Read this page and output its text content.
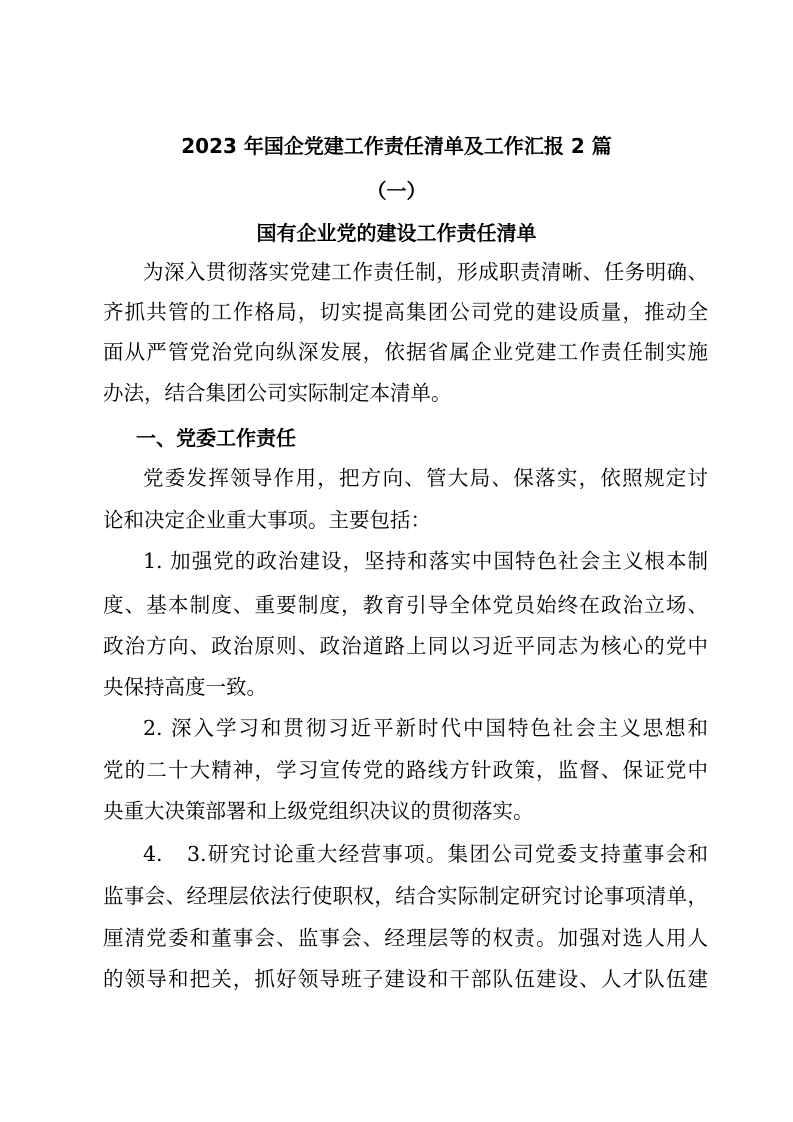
2023 年国企党建工作责任清单及工作汇报 2 篇
（一）
国有企业党的建设工作责任清单
为深入贯彻落实党建工作责任制，形成职责清晰、任务明确、
齐抓共管的工作格局，切实提高集团公司党的建设质量，推动全
面从严管党治党向纵深发展，依据省属企业党建工作责任制实施
办法，结合集团公司实际制定本清单。
一、党委工作责任
党委发挥领导作用，把方向、管大局、保落实，依照规定讨
论和决定企业重大事项。主要包括：
1. 加强党的政治建设，坚持和落实中国特色社会主义根本制
度、基本制度、重要制度，教育引导全体党员始终在政治立场、
政治方向、政治原则、政治道路上同以习近平同志为核心的党中
央保持高度一致。
2. 深入学习和贯彻习近平新时代中国特色社会主义思想和
党的二十大精神，学习宣传党的路线方针政策，监督、保证党中
央重大决策部署和上级党组织决议的贯彻落实。
4.	3.研究讨论重大经营事项。集团公司党委支持董事会和
监事会、经理层依法行使职权，结合实际制定研究讨论事项清单，
厘清党委和董事会、监事会、经理层等的权责。加强对选人用人
的领导和把关，抓好领导班子建设和干部队伍建设、人才队伍建
